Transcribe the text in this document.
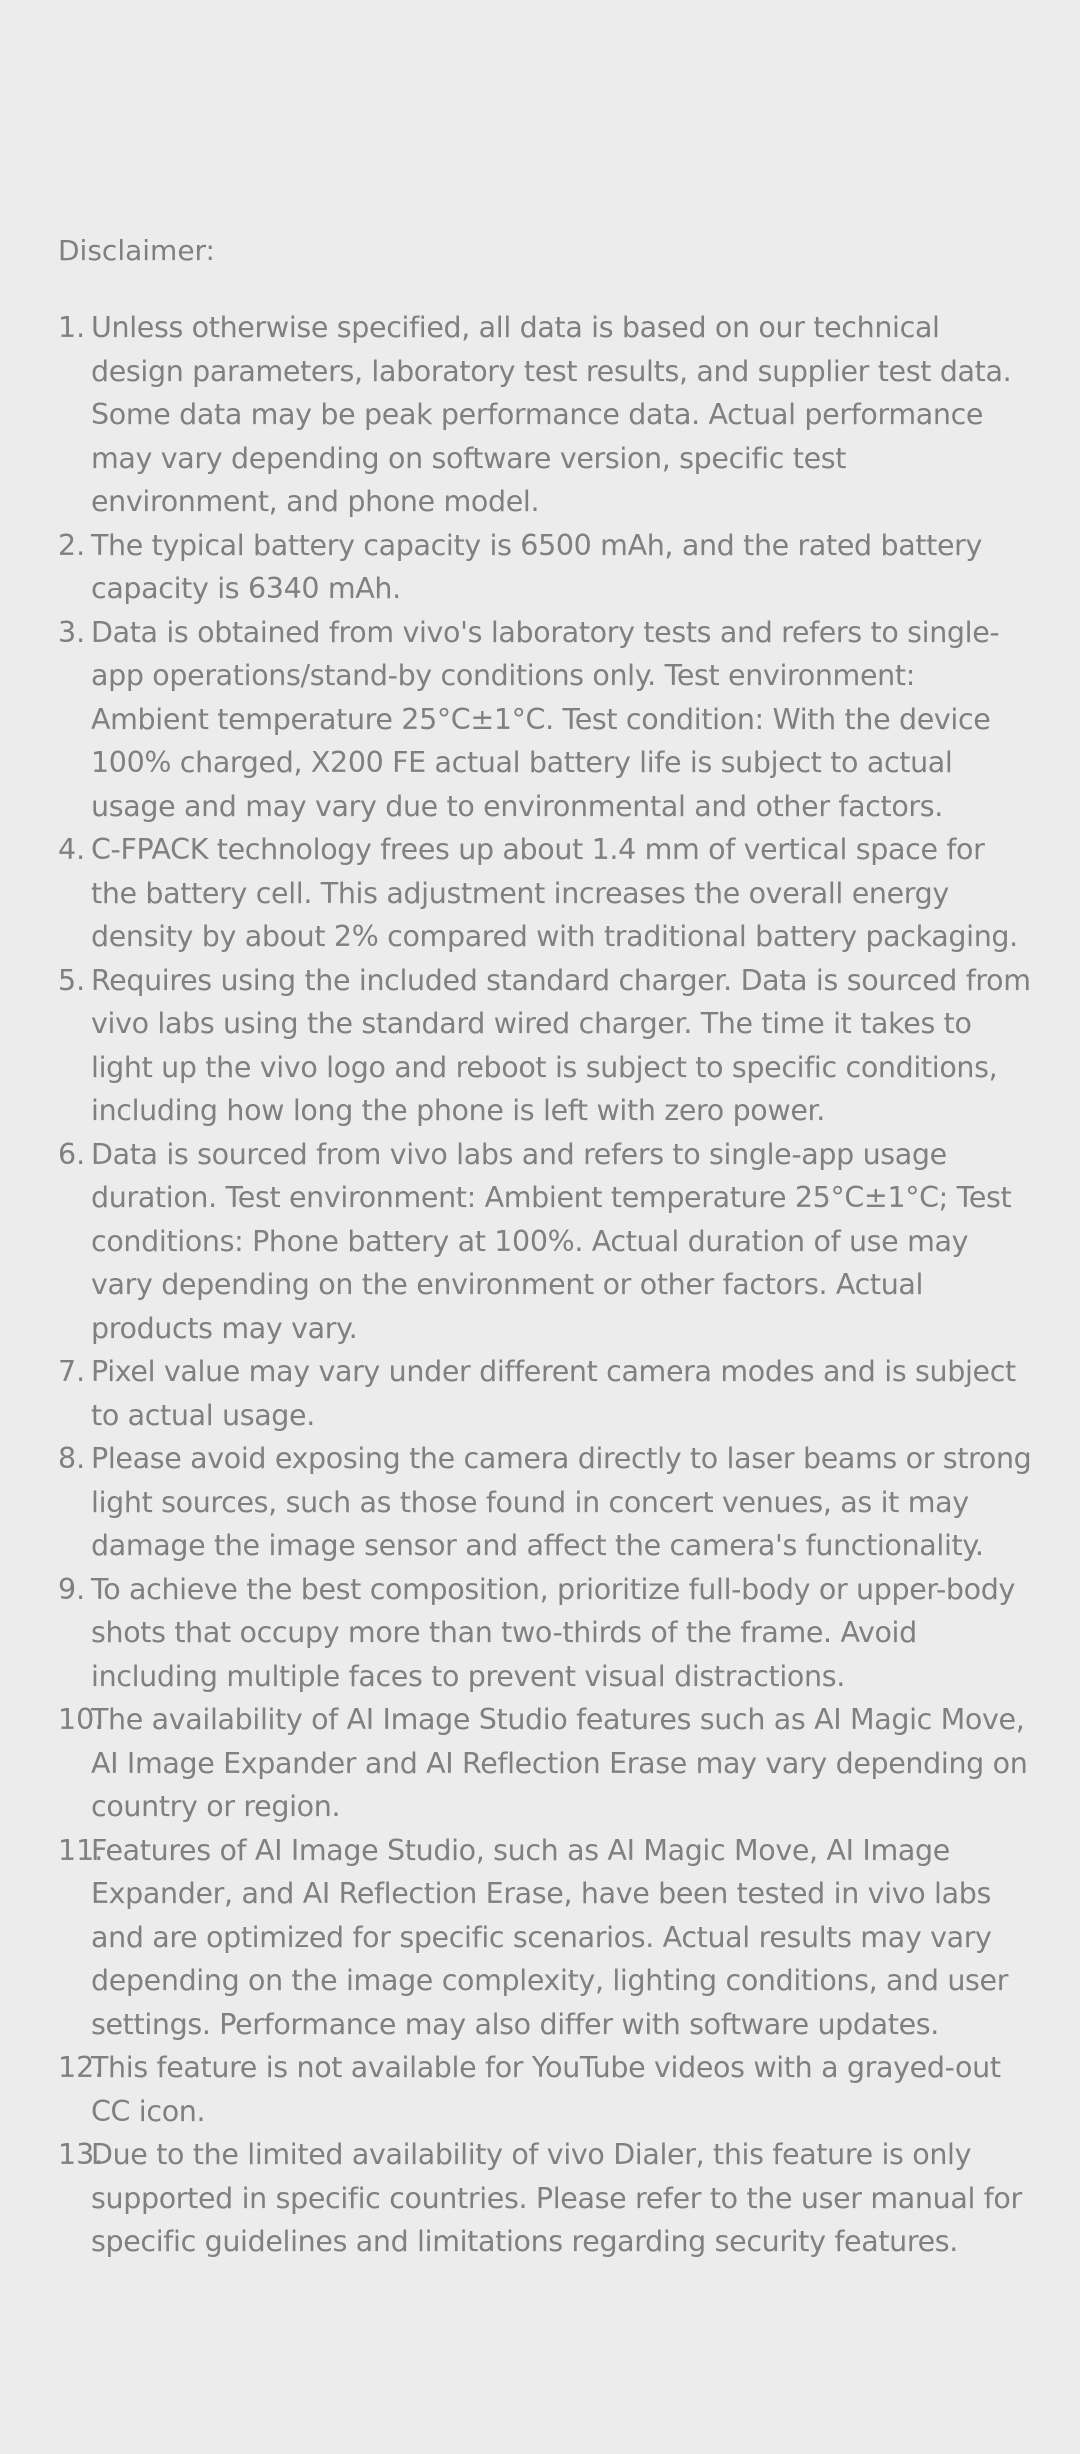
Disclaimer:
1. Unless otherwise specified, all data is based on our technical design parameters, laboratory test results, and supplier test data. Some data may be peak performance data. Actual performance may vary depending on software version, specific test environment, and phone model.
2. The typical battery capacity is 6500 mAh, and the rated battery capacity is 6340 mAh.
3. Data is obtained from vivo's laboratory tests and refers to single-app operations/stand-by conditions only. Test environment: Ambient temperature 25°C±1°C. Test condition: With the device 100% charged, X200 FE actual battery life is subject to actual usage and may vary due to environmental and other factors.
4. C-FPACK technology frees up about 1.4 mm of vertical space for the battery cell. This adjustment increases the overall energy density by about 2% compared with traditional battery packaging.
5. Requires using the included standard charger. Data is sourced from vivo labs using the standard wired charger. The time it takes to light up the vivo logo and reboot is subject to specific conditions, including how long the phone is left with zero power.
6. Data is sourced from vivo labs and refers to single-app usage duration. Test environment: Ambient temperature 25°C±1°C; Test conditions: Phone battery at 100%. Actual duration of use may vary depending on the environment or other factors. Actual products may vary.
7. Pixel value may vary under different camera modes and is subject to actual usage.
8. Please avoid exposing the camera directly to laser beams or strong light sources, such as those found in concert venues, as it may damage the image sensor and affect the camera's functionality.
9. To achieve the best composition, prioritize full-body or upper-body shots that occupy more than two-thirds of the frame. Avoid including multiple faces to prevent visual distractions.
10.
The availability of AI Image Studio features such as AI Magic Move, AI Image Expander and AI Reflection Erase may vary depending on country or region.
11.
Features of AI Image Studio, such as AI Magic Move, AI Image Expander, and AI Reflection Erase, have been tested in vivo labs and are optimized for specific scenarios. Actual results may vary depending on the image complexity, lighting conditions, and user settings. Performance may also differ with software updates.
12.
This feature is not available for YouTube videos with a grayed-out CC icon.
13.
Due to the limited availability of vivo Dialer, this feature is only supported in specific countries. Please refer to the user manual for specific guidelines and limitations regarding security features.
